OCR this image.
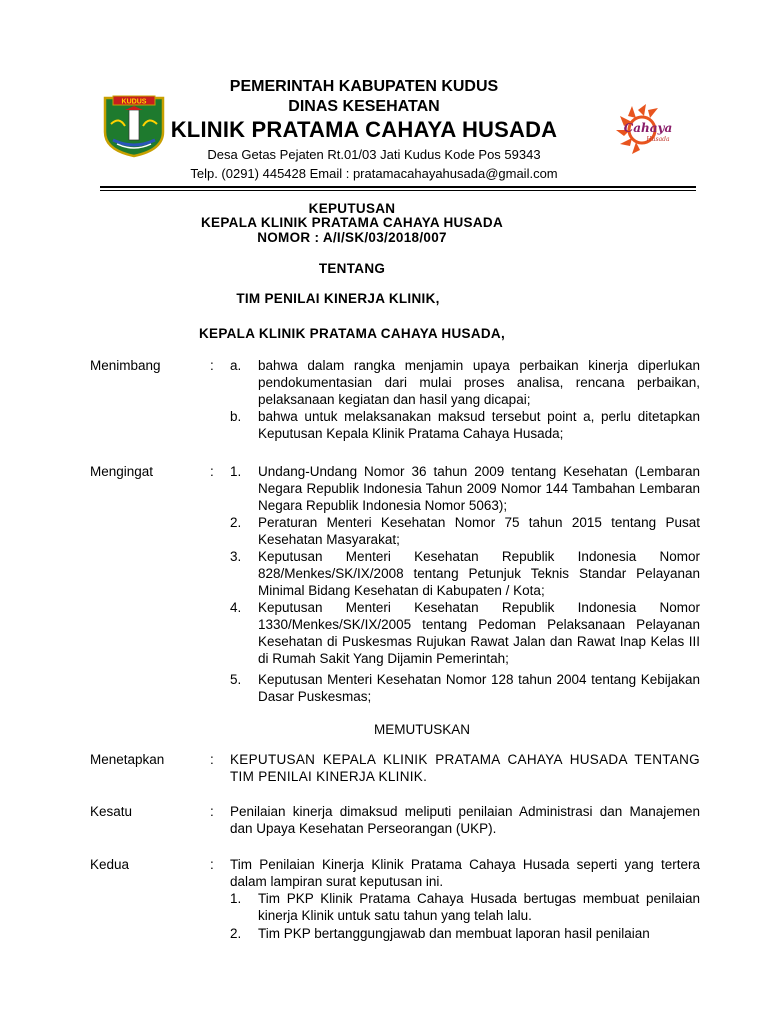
KUDUS
PEMERINTAH KABUPATEN KUDUS
DINAS KESEHATAN
KLINIK PRATAMA CAHAYA HUSADA
Desa Getas Pejaten Rt.01/03 Jati Kudus Kode Pos 59343
Telp. (0291) 445428 Email : pratamacahayahusada@gmail.com
Cahaya
Husada
KEPUTUSAN
KEPALA KLINIK PRATAMA CAHAYA HUSADA
NOMOR : A/I/SK/03/2018/007
TENTANG
TIM PENILAI KINERJA KLINIK,
KEPALA KLINIK PRATAMA CAHAYA HUSADA,
Menimbang	: a. bahwa dalam rangka menjamin upaya perbaikan kinerja diperlukan pendokumentasian dari mulai proses analisa, rencana perbaikan, pelaksanaan kegiatan dan hasil yang dicapai;
b. bahwa untuk melaksanakan maksud tersebut point a, perlu ditetapkan Keputusan Kepala Klinik Pratama Cahaya Husada;
Mengingat	: 1. Undang-Undang Nomor 36 tahun 2009 tentang Kesehatan (Lembaran Negara Republik Indonesia Tahun 2009 Nomor 144 Tambahan Lembaran Negara Republik Indonesia Nomor 5063);
2. Peraturan Menteri Kesehatan Nomor 75 tahun 2015 tentang Pusat Kesehatan Masyarakat;
3. Keputusan Menteri Kesehatan Republik Indonesia Nomor 828/Menkes/SK/IX/2008 tentang Petunjuk Teknis Standar Pelayanan Minimal Bidang Kesehatan di Kabupaten / Kota;
4. Keputusan Menteri Kesehatan Republik Indonesia Nomor 1330/Menkes/SK/IX/2005 tentang Pedoman Pelaksanaan Pelayanan Kesehatan di Puskesmas Rujukan Rawat Jalan dan Rawat Inap Kelas III di Rumah Sakit Yang Dijamin Pemerintah;
5. Keputusan Menteri Kesehatan Nomor 128 tahun 2004 tentang Kebijakan Dasar Puskesmas;
MEMUTUSKAN
Menetapkan	: KEPUTUSAN KEPALA KLINIK PRATAMA CAHAYA HUSADA TENTANG TIM PENILAI KINERJA KLINIK.
Kesatu	: Penilaian kinerja dimaksud meliputi penilaian Administrasi dan Manajemen dan Upaya Kesehatan Perseorangan (UKP).
Kedua	: Tim Penilaian Kinerja Klinik Pratama Cahaya Husada seperti yang tertera dalam lampiran surat keputusan ini.
1. Tim PKP Klinik Pratama Cahaya Husada bertugas membuat penilaian kinerja Klinik untuk satu tahun yang telah lalu.
2. Tim PKP bertanggungjawab dan membuat laporan hasil penilaian
